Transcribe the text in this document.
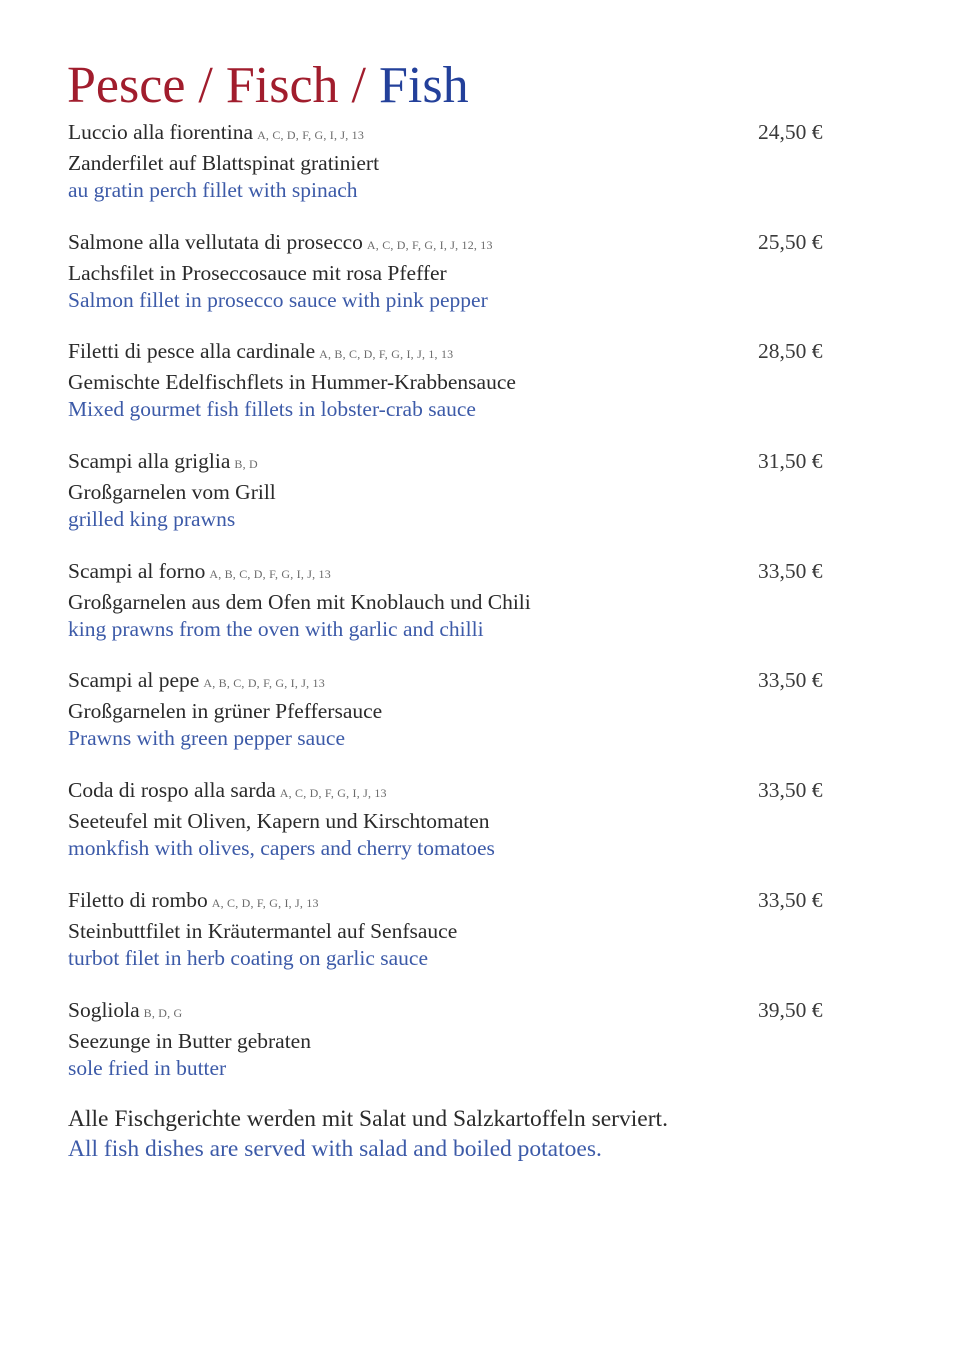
Pesce / Fisch / Fish
Luccio alla fiorentina A, C, D, F, G, I, J, 13
Zanderfilet auf Blattspinat gratiniert
au gratin perch fillet with spinach
24,50 €
Salmone alla vellutata di prosecco A, C, D, F, G, I, J, 12, 13
Lachsfilet in Proseccosauce mit rosa Pfeffer
Salmon fillet in prosecco sauce with pink pepper
25,50 €
Filetti di pesce alla cardinale A, B, C, D, F, G, I, J, 1, 13
Gemischte Edelfischflets in Hummer-Krabbensauce
Mixed gourmet fish fillets in lobster-crab sauce
28,50 €
Scampi alla griglia B, D
Großgarnelen vom Grill
grilled king prawns
31,50 €
Scampi al forno A, B, C, D, F, G, I, J, 13
Großgarnelen aus dem Ofen mit Knoblauch und Chili
king prawns from the oven with garlic and chilli
33,50 €
Scampi al pepe A, B, C, D, F, G, I, J, 13
Großgarnelen in grüner Pfeffersauce
Prawns with green pepper sauce
33,50 €
Coda di rospo alla sarda A, C, D, F, G, I, J, 13
Seeteufel mit Oliven, Kapern und Kirschtomaten
monkfish with olives, capers and cherry tomatoes
33,50 €
Filetto di rombo A, C, D, F, G, I, J, 13
Steinbuttfilet in Kräutermantel auf Senfsauce
turbot filet in herb coating on garlic sauce
33,50 €
Sogliola B, D, G
Seezunge in Butter gebraten
sole fried in butter
39,50 €
Alle Fischgerichte werden mit Salat und Salzkartoffeln serviert.
All fish dishes are served with salad and boiled potatoes.
